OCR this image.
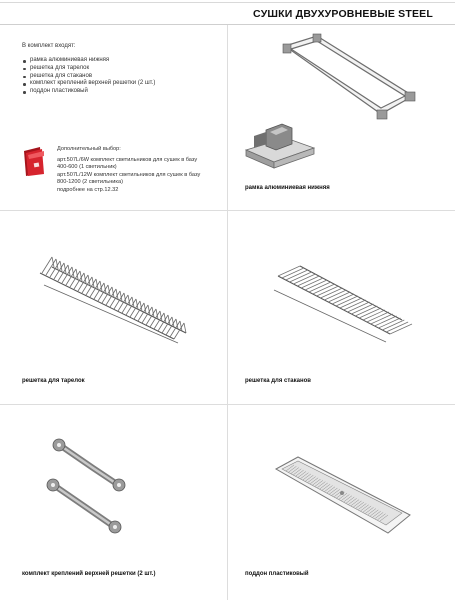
СУШКИ ДВУХУРОВНЕВЫЕ STEEL
В комплект входят:
рамка алюминиевая нижняя
решетка для тарелок
решетка для стаканов
комплект креплений верхней решетки (2 шт.)
поддон пластиковый
Дополнительный выбор:
арт.507L/6W комплект светильников для сушек в базу 400-600 (1 светильник)
арт.507L/12W комплект светильников для сушек в базу 800-1200 (2 светильника)
подробнее на стр.12.32	рамка алюминиевая нижняя
решетка для тарелок	решетка для стаканов
комплект креплений верхней решетки (2 шт.)	поддон пластиковый
